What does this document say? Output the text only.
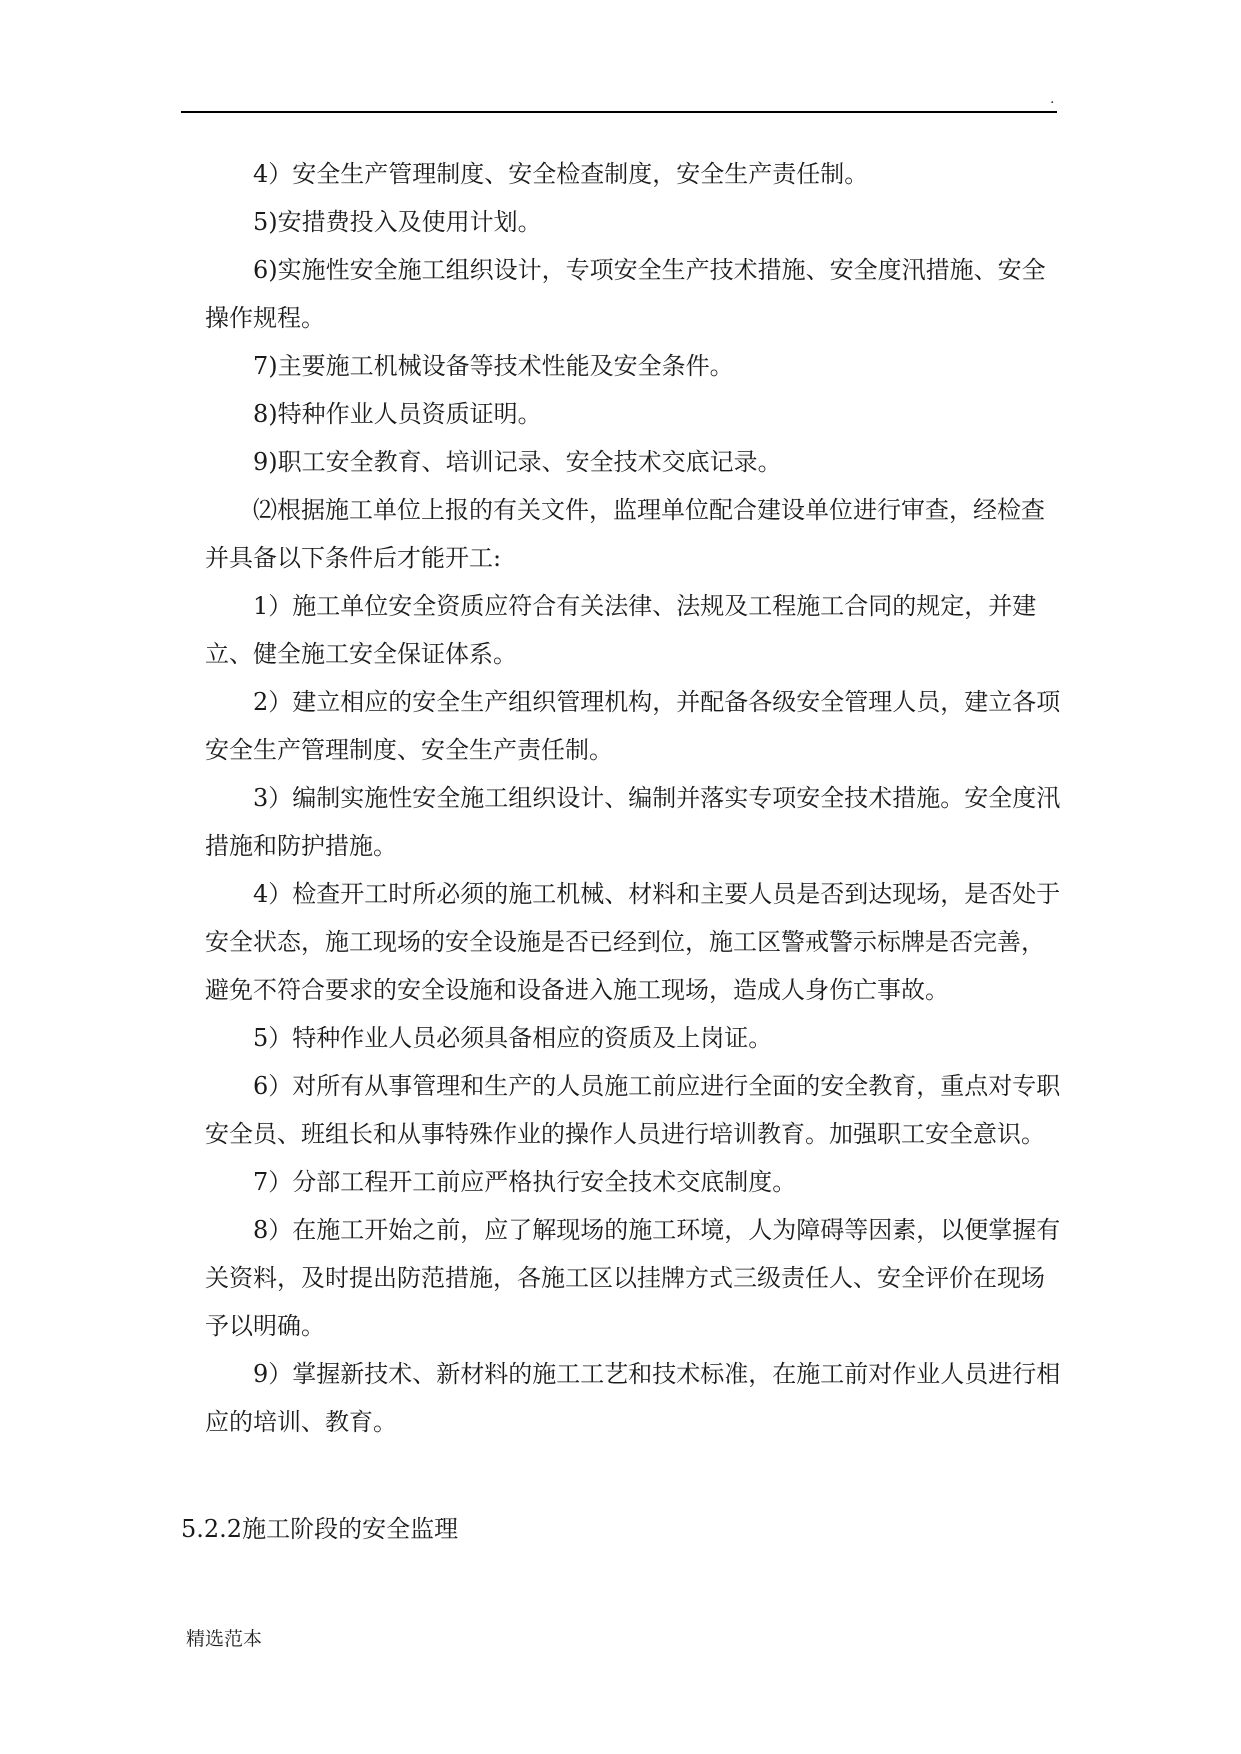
.

4）安全生产管理制度、安全检查制度，安全生产责任制。

5)安措费投入及使用计划。

6)实施性安全施工组织设计，专项安全生产技术措施、安全度汛措施、安全操作规程。

7)主要施工机械设备等技术性能及安全条件。

8)特种作业人员资质证明。

9)职工安全教育、培训记录、安全技术交底记录。

⑵根据施工单位上报的有关文件，监理单位配合建设单位进行审查，经检查并具备以下条件后才能开工:

1）施工单位安全资质应符合有关法律、法规及工程施工合同的规定，并建立、健全施工安全保证体系。

2）建立相应的安全生产组织管理机构，并配备各级安全管理人员，建立各项安全生产管理制度、安全生产责任制。

3）编制实施性安全施工组织设计、编制并落实专项安全技术措施。安全度汛措施和防护措施。

4）检查开工时所必须的施工机械、材料和主要人员是否到达现场，是否处于安全状态，施工现场的安全设施是否已经到位，施工区警戒警示标牌是否完善，避免不符合要求的安全设施和设备进入施工现场，造成人身伤亡事故。

5）特种作业人员必须具备相应的资质及上岗证。

6）对所有从事管理和生产的人员施工前应进行全面的安全教育，重点对专职安全员、班组长和从事特殊作业的操作人员进行培训教育。加强职工安全意识。

7）分部工程开工前应严格执行安全技术交底制度。

8）在施工开始之前，应了解现场的施工环境，人为障碍等因素，以便掌握有关资料，及时提出防范措施，各施工区以挂牌方式三级责任人、安全评价在现场予以明确。

9）掌握新技术、新材料的施工工艺和技术标准，在施工前对作业人员进行相应的培训、教育。

5.2.2施工阶段的安全监理
精选范本
